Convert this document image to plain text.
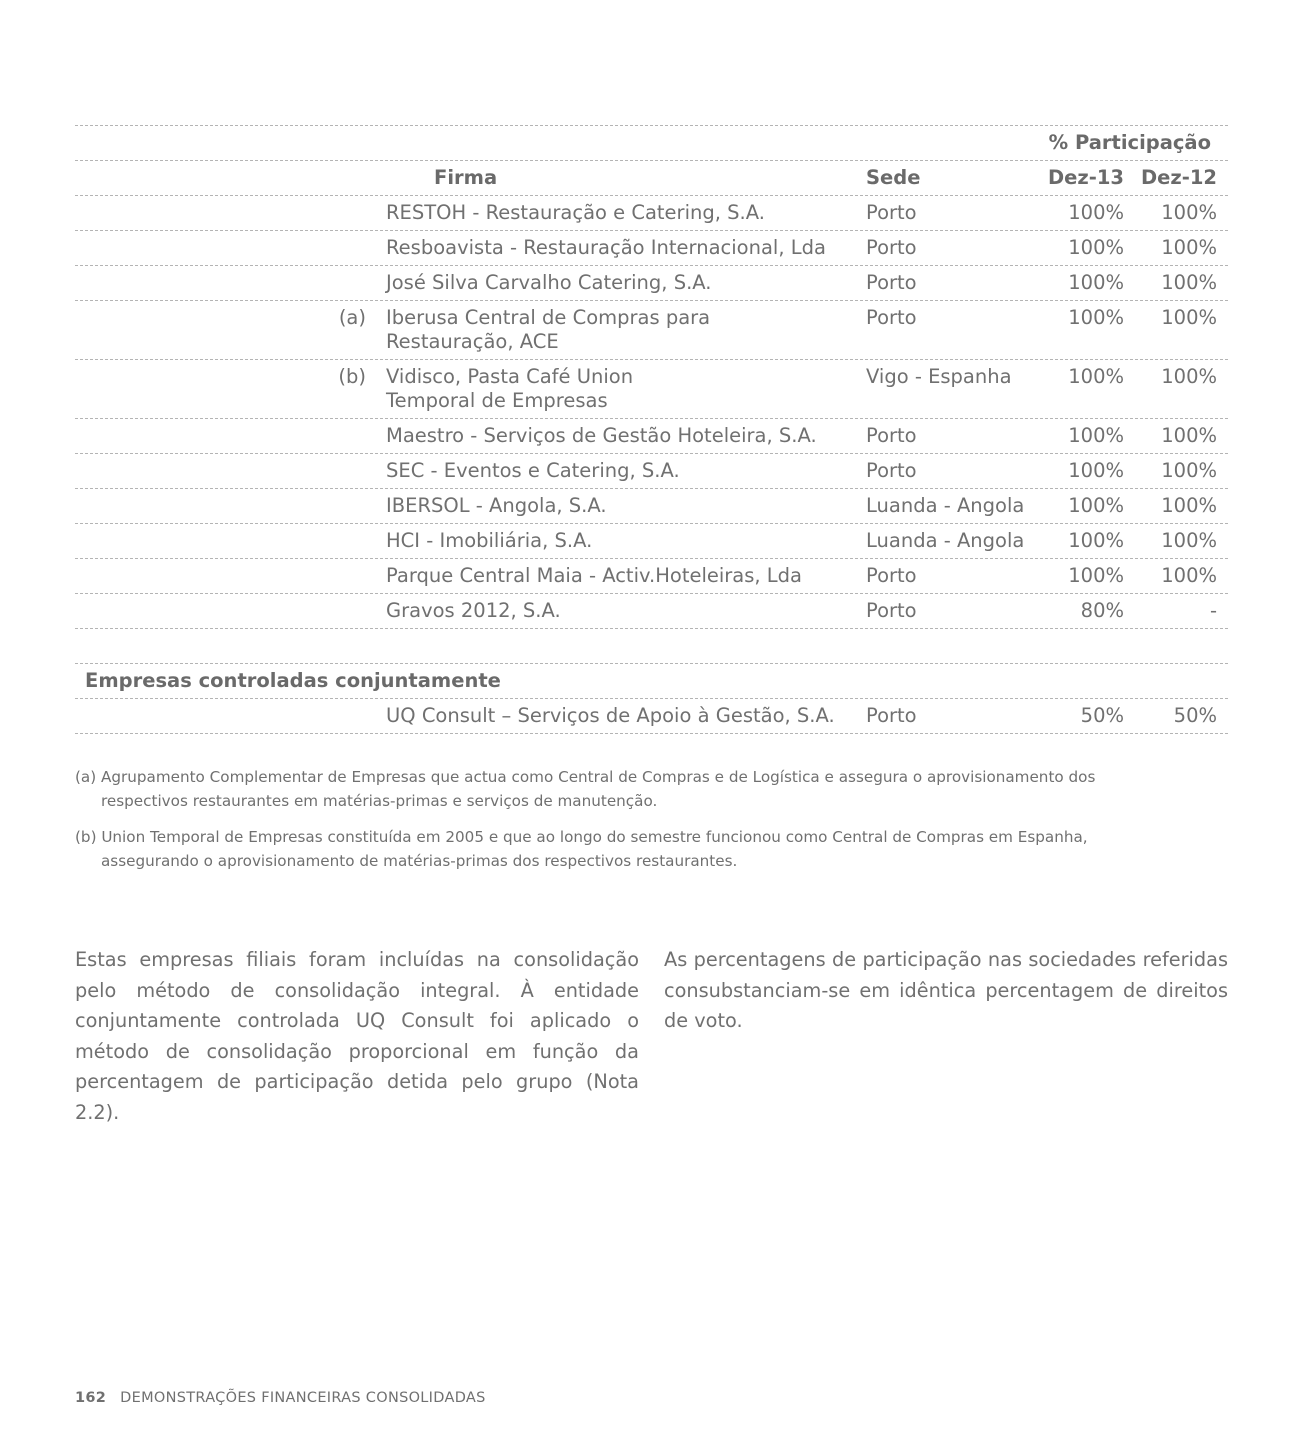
% Participação
Firma	Sede	Dez-13 Dez-12
RESTOH - Restauração e Catering, S.A.	Porto	100%	100%
Resboavista - Restauração Internacional, Lda Porto	100%	100%
José Silva Carvalho Catering, S.A.	Porto	100%	100%
(a) Iberusa Central de Compras para
Restauração, ACE
Porto	100%	100%
(b) Vidisco, Pasta Café Union
Temporal de Empresas
Vigo - Espanha	100%	100%
Maestro - Serviços de Gestão Hoteleira, S.A.	Porto	100%	100%
SEC - Eventos e Catering, S.A.	Porto	100%	100%
IBERSOL - Angola, S.A.	Luanda - Angola	100%	100%
HCI - Imobiliária, S.A.	Luanda - Angola	100%	100%
Parque Central Maia - Activ.Hoteleiras, Lda	Porto	100%	100%
Gravos 2012, S.A.	Porto	80%	-
Empresas controladas conjuntamente
UQ Consult – Serviços de Apoio à Gestão, S.A. Porto	50%	50%
(a) Agrupamento Complementar de Empresas que actua como Central de Compras e de Logística e assegura o aprovisionamento dos
respectivos restaurantes em matérias-primas e serviços de manutenção.
(b) Union Temporal de Empresas constituída em 2005 e que ao longo do semestre funcionou como Central de Compras em Espanha,
assegurando o aprovisionamento de matérias-primas dos respectivos restaurantes.
Estas empresas filiais foram incluídas na consolidação pelo método de consolidação integral. À entidade conjuntamente controlada UQ Consult foi aplicado o método de consolidação proporcional em função da percentagem de participação detida pelo grupo (Nota 2.2).
As percentagens de participação nas sociedades referidas consubstanciam-se em idêntica percentagem de direitos de voto.
162 DEMONSTRAÇÕES FINANCEIRAS CONSOLIDADAS
